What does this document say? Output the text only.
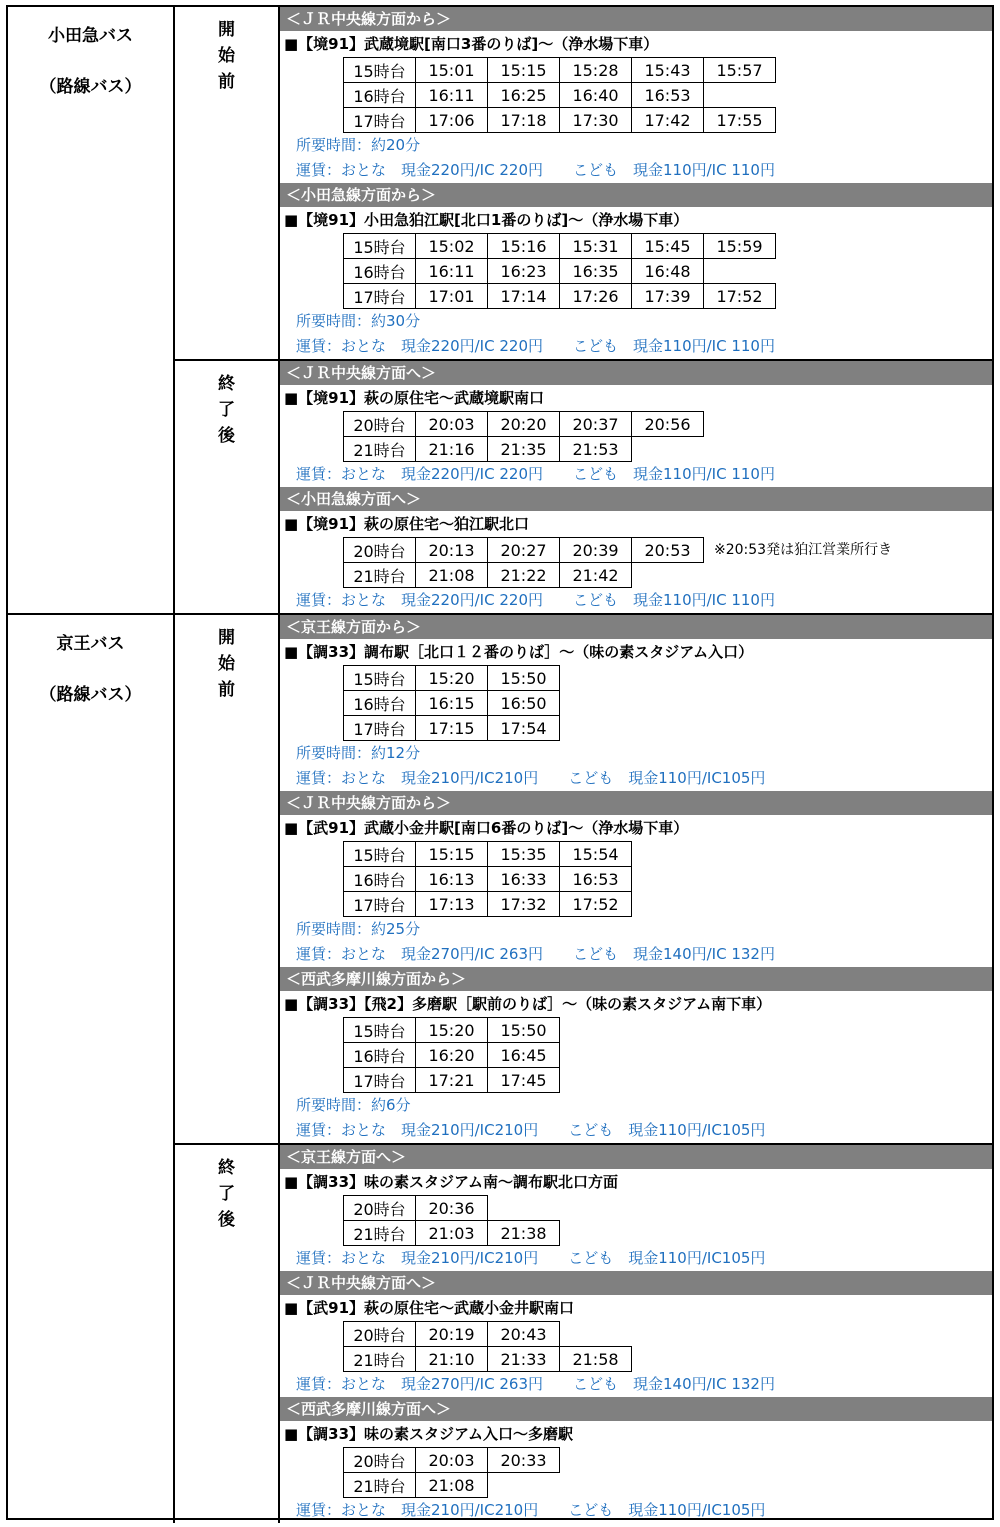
小田急バス
（路線バス）
開
始
前
＜ＪＲ中央線方面から＞
■【境91】武蔵境駅[南口3番のりば]～（浄水場下車）
15時台	15:01	15:15	15:28	15:43	15:57
16時台	16:11	16:25	16:40	16:53	
17時台	17:06	17:18	17:30	17:42	17:55
所要時間：約20分
運賃：おとな　現金220円/IC 220円　　こども　現金110円/IC 110円
＜小田急線方面から＞
■【境91】小田急狛江駅[北口1番のりば]～（浄水場下車）
15時台	15:02	15:16	15:31	15:45	15:59
16時台	16:11	16:23	16:35	16:48	
17時台	17:01	17:14	17:26	17:39	17:52
所要時間：約30分
運賃：おとな　現金220円/IC 220円　　こども　現金110円/IC 110円
終
了
後
＜ＪＲ中央線方面へ＞
■【境91】萩の原住宅～武蔵境駅南口
20時台	20:03	20:20	20:37	20:56
21時台	21:16	21:35	21:53	
運賃：おとな　現金220円/IC 220円　　こども　現金110円/IC 110円
＜小田急線方面へ＞
■【境91】萩の原住宅～狛江駅北口
20時台	20:13	20:27	20:39	20:53
21時台	21:08	21:22	21:42	
※20:53発は狛江営業所行き
運賃：おとな　現金220円/IC 220円　　こども　現金110円/IC 110円
京王バス
（路線バス）
開
始
前
＜京王線方面から＞
■【調33】調布駅［北口１２番のりば］～（味の素スタジアム入口）
15時台	15:20	15:50
16時台	16:15	16:50
17時台	17:15	17:54
所要時間：約12分
運賃：おとな　現金210円/IC210円　　こども　現金110円/IC105円
＜ＪＲ中央線方面から＞
■【武91】武蔵小金井駅[南口6番のりば]～（浄水場下車）
15時台	15:15	15:35	15:54
16時台	16:13	16:33	16:53
17時台	17:13	17:32	17:52
所要時間：約25分
運賃：おとな　現金270円/IC 263円　　こども　現金140円/IC 132円
＜西武多摩川線方面から＞
■【調33】【飛2】多磨駅［駅前のりば］～（味の素スタジアム南下車）
15時台	15:20	15:50
16時台	16:20	16:45
17時台	17:21	17:45
所要時間：約6分
運賃：おとな　現金210円/IC210円　　こども　現金110円/IC105円
終
了
後
＜京王線方面へ＞
■【調33】味の素スタジアム南～調布駅北口方面
20時台	20:36	
21時台	21:03	21:38
運賃：おとな　現金210円/IC210円　　こども　現金110円/IC105円
＜ＪＲ中央線方面へ＞
■【武91】萩の原住宅～武蔵小金井駅南口
20時台	20:19	20:43	
21時台	21:10	21:33	21:58
運賃：おとな　現金270円/IC 263円　　こども　現金140円/IC 132円
＜西武多摩川線方面へ＞
■【調33】味の素スタジアム入口～多磨駅
20時台	20:03	20:33
21時台	21:08	
運賃：おとな　現金210円/IC210円　　こども　現金110円/IC105円
